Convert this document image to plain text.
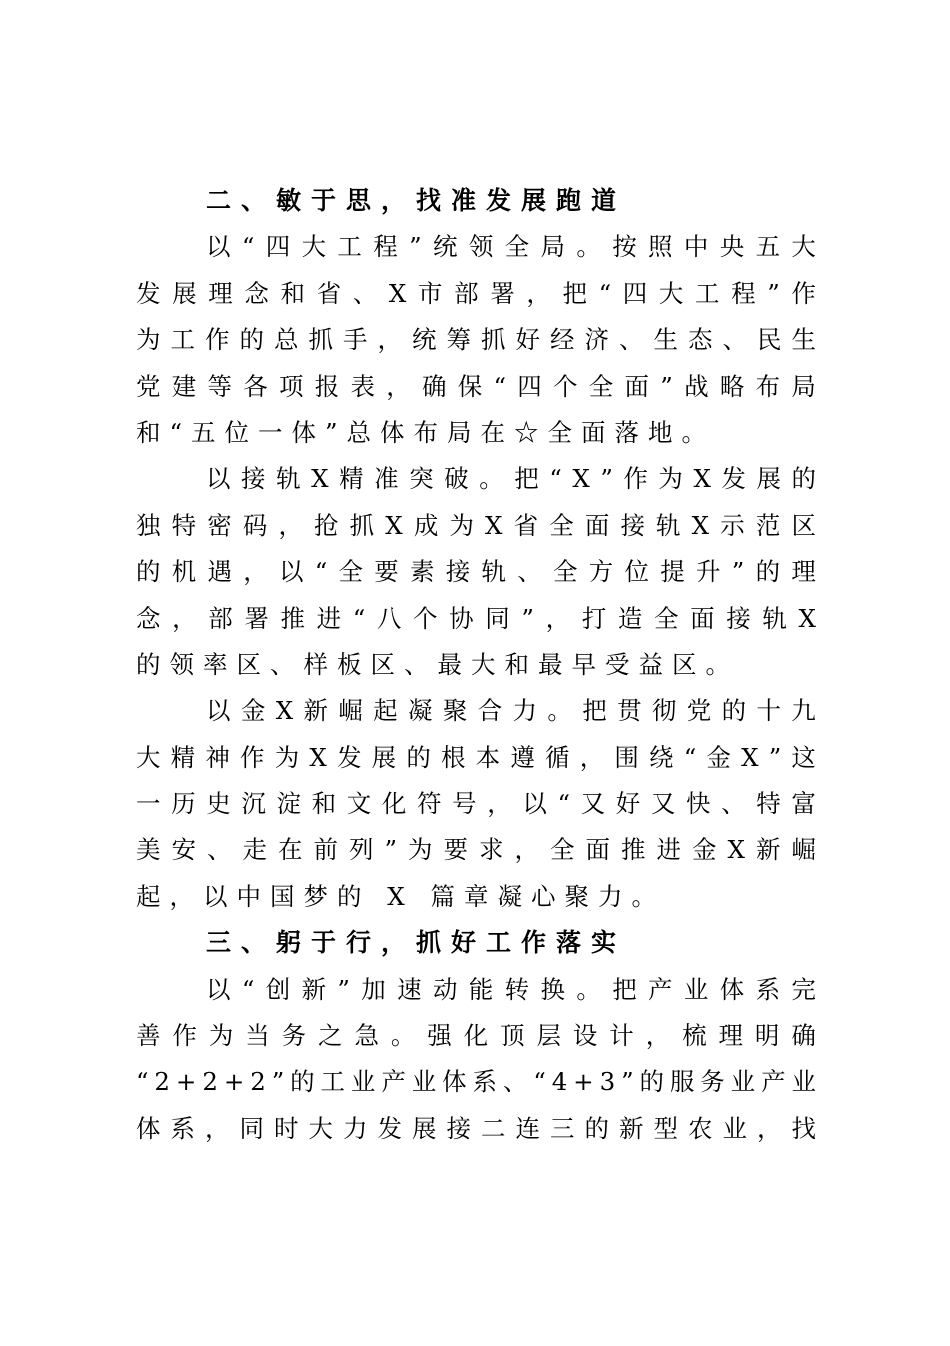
二、敏于思，找准发展跑道

以 “ 四 大 工 程 ” 统 领 全 局 。 按 照 中 央 五 大
发 展 理 念 和 省 、 X 市 部 署 ， 把 “ 四 大 工 程 ” 作
为 工 作 的 总 抓 手 ， 统 筹 抓 好 经 济 、 生 态 、 民 生
党 建 等 各 项 报 表 ， 确 保 “ 四 个 全 面 ” 战 略 布 局
和“五位一体”总体布局在☆全面落地。

以 接 轨 X 精 准 突 破 。 把 “ X ” 作 为 X 发 展 的
独 特 密 码 ， 抢 抓 X 成 为 X 省 全 面 接 轨 X 示 范 区
的 机 遇 ， 以 “ 全 要 素 接 轨 、 全 方 位 提 升 ” 的 理
念 ， 部 署 推 进 “ 八 个 协 同 ” ， 打 造 全 面 接 轨 X
的领率区、样板区、最大和最早受益区。

以 金 X 新 崛 起 凝 聚 合 力 。 把 贯 彻 党 的 十 九
大 精 神 作 为 X 发 展 的 根 本 遵 循 ， 围 绕 “ 金 X ” 这
一 历 史 沉 淀 和 文 化 符 号 ， 以 “ 又 好 又 快 、 特 富
美 安 、 走 在 前 列 ” 为 要 求 ， 全 面 推 进 金 X 新 崛
起，以中国梦的 X 篇章凝心聚力。

三、躬于行，抓好工作落实

以 “ 创 新 ” 加 速 动 能 转 换 。 把 产 业 体 系 完
善 作 为 当 务 之 急 。 强 化 顶 层 设 计 ， 梳 理 明 确
“ 2 + 2 + 2 ” 的 工 业 产 业 体 系 、 “ 4 + 3 ” 的 服 务 业 产 业
体 系 ， 同 时 大 力 发 展 接 二 连 三 的 新 型 农 业 ， 找
